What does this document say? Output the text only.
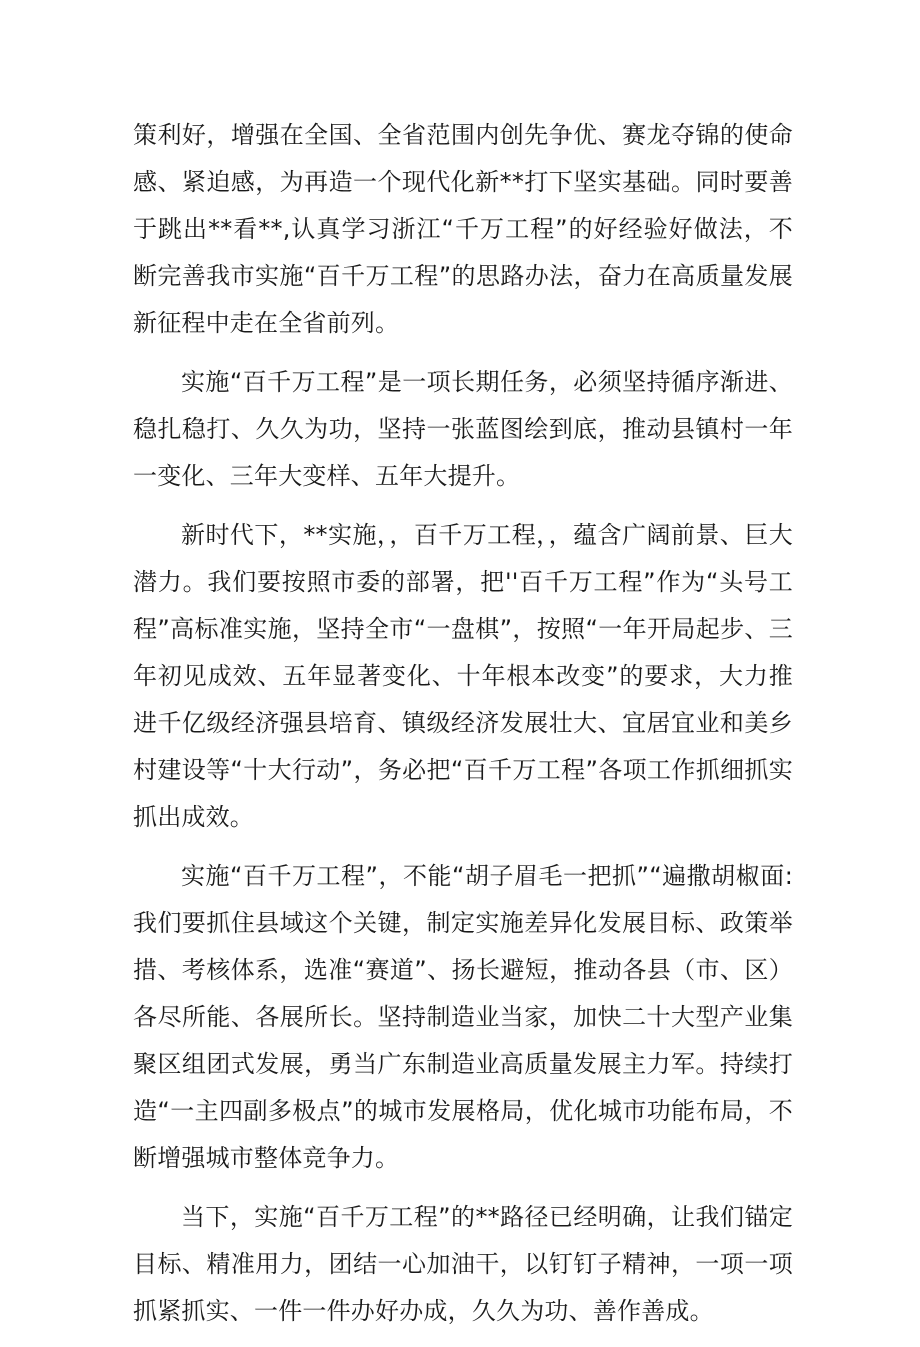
策利好，增强在全国、全省范围内创先争优、赛龙夺锦的使命感、紧迫感，为再造一个现代化新**打下坚实基础。同时要善于跳出**看**,认真学习浙江“千万工程”的好经验好做法，不断完善我市实施“百千万工程”的思路办法，奋力在高质量发展新征程中走在全省前列。

实施“百千万工程”是一项长期任务，必须坚持循序渐进、稳扎稳打、久久为功，坚持一张蓝图绘到底，推动县镇村一年一变化、三年大变样、五年大提升。

新时代下，**实施，，百千万工程，，蕴含广阔前景、巨大潜力。我们要按照市委的部署，把''百千万工程”作为“头号工程”高标准实施，坚持全市“一盘棋”，按照“一年开局起步、三年初见成效、五年显著变化、十年根本改变”的要求，大力推进千亿级经济强县培育、镇级经济发展壮大、宜居宜业和美乡村建设等“十大行动”，务必把“百千万工程”各项工作抓细抓实抓出成效。

实施“百千万工程”，不能“胡子眉毛一把抓”“遍撒胡椒面:我们要抓住县域这个关键，制定实施差异化发展目标、政策举措、考核体系，选准“赛道”、扬长避短，推动各县（市、区）各尽所能、各展所长。坚持制造业当家，加快二十大型产业集聚区组团式发展，勇当广东制造业高质量发展主力军。持续打造“一主四副多极点”的城市发展格局，优化城市功能布局，不断增强城市整体竞争力。

当下，实施“百千万工程”的**路径已经明确，让我们锚定目标、精准用力，团结一心加油干，以钉钉子精神，一项一项抓紧抓实、一件一件办好办成，久久为功、善作善成。
